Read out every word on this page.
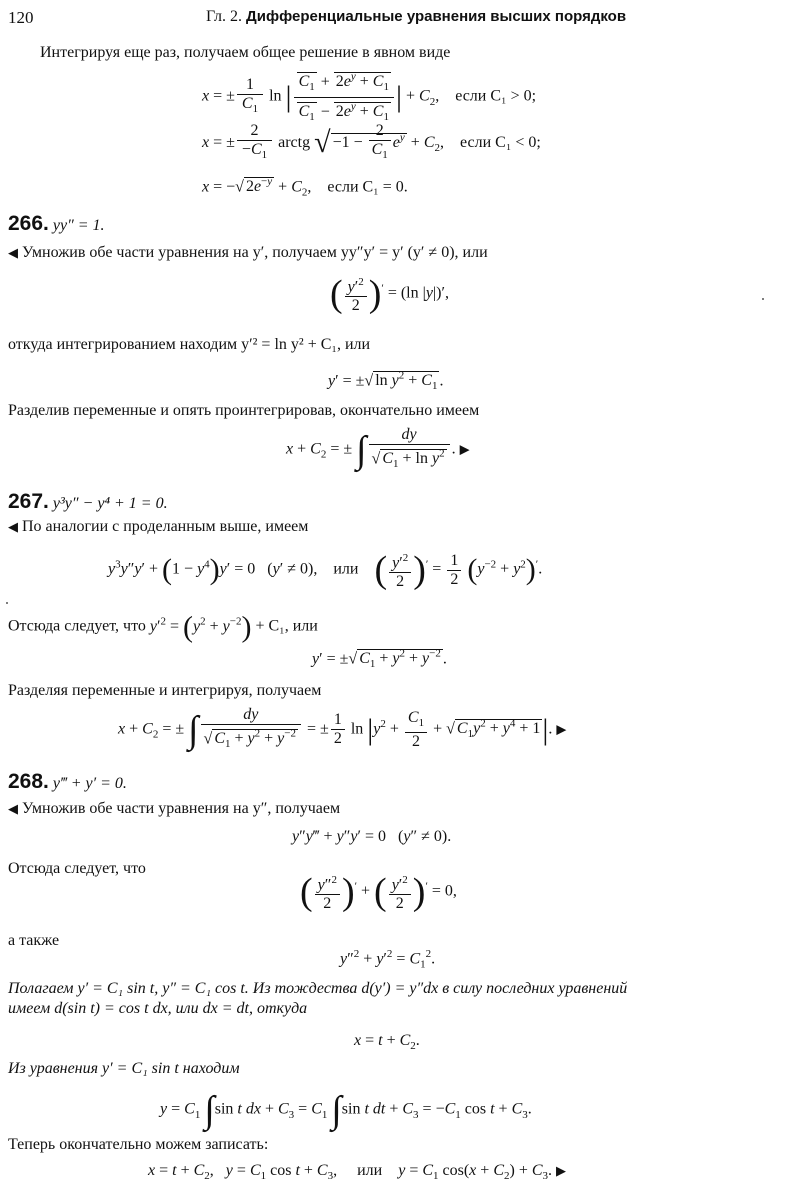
120	Гл. 2. Дифференциальные уравнения высших порядков
Интегрируя еще раз, получаем общее решение в явном виде
x = ± $\frac{1}{C_1}$ ln | $\frac{C_1 + 2e^y + C_1}{C_1 - 2e^y + C_1}$ | + $C_2$,    если C₁ > 0;
x = ± $\frac{2}{-C_1}$ arctg √ $-1 - \frac{2}{C_1} e^y + C_2$,    если C₁ < 0;
x = −√ $2e^{-y} + C_2$,    если C₁ = 0.
266. yy″ = 1.
◀ Умножив обе части уравнения на y′, получаем yy″y′ = y′ (y′ ≠ 0), или
( $\frac{y'^2}{2} )' = (\ln$ |y|)′,
откуда интегрированием находим y′² = ln y² + C₁, или
y′ = ±√ $\ln y^2 + C_1$ .
Разделив переменные и опять проинтегрировав, окончательно имеем
$x + C_2$ = ± ∫ $\frac{dy}{√ C_1 + \ln y^2}$ . ▶
267. y³y″ − y⁴ + 1 = 0.
◀ По аналогии с проделанным выше, имеем
$y^3y''y' + (1 - y^4)y' = 0$   (y′ ≠ 0),    или ( $\frac{y'^2}{2} )' = \frac{1}{2} (y^{-2} + y^2)'$.
Отсюда следует, что $y'^2 = (y^2 + y^{-2}) + C_1$, или
y′ = ±√ $C_1 + y^2 + y^{-2}$ .
Разделяя переменные и интегрируя, получаем
$x + C_2$ = ± ∫ $\frac{dy}{√ C_1 + y^2 + y^{-2}}$ = ± $\frac{1}{2}$ $\ln |y^2 + \frac{C_1}{2}$ + √ $C_1y^2 + y^4 + 1|$. ▶
268. y‴ + y′ = 0.
◀ Умножив обе части уравнения на y″, получаем
y″y‴ + y″y′ = 0   (y″ ≠ 0).
Отсюда следует, что
( $\frac{y''^2}{2} )'$ + ( $\frac{y'^2}{2} )' = 0$,
а также
$y''^2 + y'^2 = C_1^2$.
Полагаем y′ = C₁ sin t, y″ = C₁ cos t. Из тождества d(y′) = y″dx в силу последних уравнений
имеем d(sin t) = cos t dx, или dx = dt, откуда
$x = t + C_2$.
Из уравнения y′ = C₁ sin t находим
$y = C_1$ ∫sin t dx + $C_3 = C_1$ ∫sin t dt + $C_3 = -C_1$ $\cos t + C_3$.
Теперь окончательно можем записать:
$x = t + C_2$,   $y = C_1$ $\cos t + C_3$,     или $y = C_1$ $\cos(x + C_2) + C_3$. ▶
